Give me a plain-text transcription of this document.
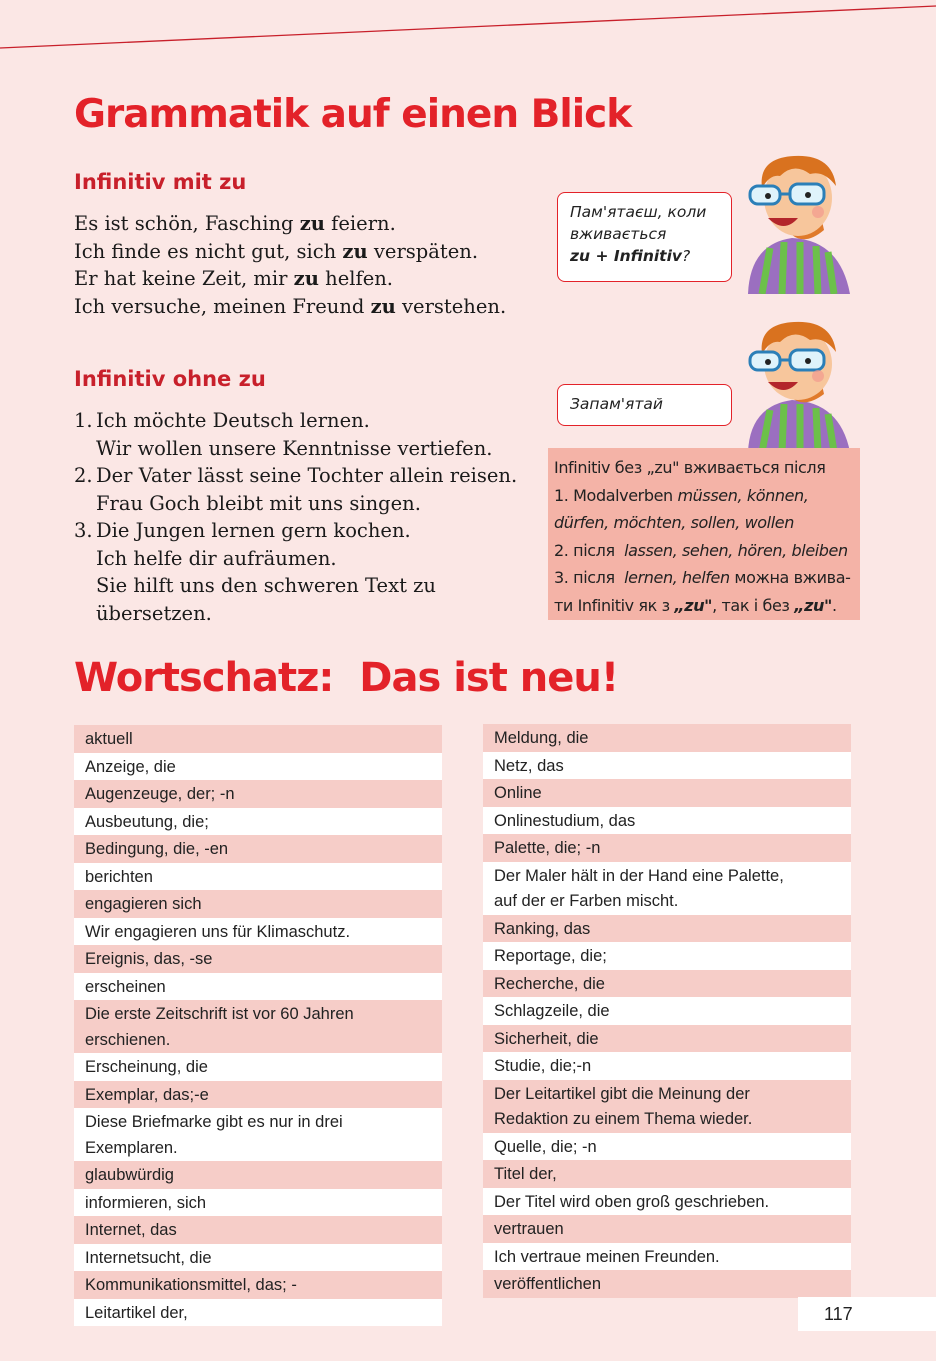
Grammatik auf einen Blick
Infinitiv mit zu
Es ist schön, Fasching zu feiern.
Ich finde es nicht gut, sich zu verspäten.
Er hat keine Zeit, mir zu helfen.
Ich versuche, meinen Freund zu verstehen.
Infinitiv ohne zu
1. Ich möchte Deutsch lernen.
Wir wollen unsere Kenntnisse vertiefen.
2. Der Vater lässt seine Tochter allein reisen.
Frau Goch bleibt mit uns singen.
3. Die Jungen lernen gern kochen.
Ich helfe dir aufräumen.
Sie hilft uns den schweren Text zu
übersetzen.
Пам'ятаєш, коли
вживається
zu + Infinitiv?
Запам'ятай
Infinitiv без „zu" вживається після
1. Modalverben müssen, können,
dürfen, möchten, sollen, wollen
2. після  lassen, sehen, hören, bleiben
3. після  lernen, helfen можна вжива-
ти Infinitiv як з „zu", так і без „zu".
Wortschatz:  Das ist neu!
aktuell
Anzeige, die
Augenzeuge, der; -n
Ausbeutung, die;
Bedingung, die, -en
berichten
engagieren sich
Wir engagieren uns für Klimaschutz.
Ereignis, das, -se
erscheinen
Die erste Zeitschrift ist vor 60 Jahren
erschienen.
Erscheinung, die
Exemplar, das;-e
Diese Briefmarke gibt es nur in drei
Exemplaren.
glaubwürdig
informieren, sich
Internet, das
Internetsucht, die
Kommunikationsmittel, das; -
Leitartikel der,
Meldung, die
Netz, das
Online
Onlinestudium, das
Palette, die; -n
Der Maler hält in der Hand eine Palette,
auf der er Farben mischt.
Ranking, das
Reportage, die;
Recherche, die
Schlagzeile, die
Sicherheit, die
Studie, die;-n
Der Leitartikel gibt die Meinung der
Redaktion zu einem Thema wieder.
Quelle, die; -n
Titel der,
Der Titel wird oben groß geschrieben.
vertrauen
Ich vertraue meinen Freunden.
veröffentlichen
117
